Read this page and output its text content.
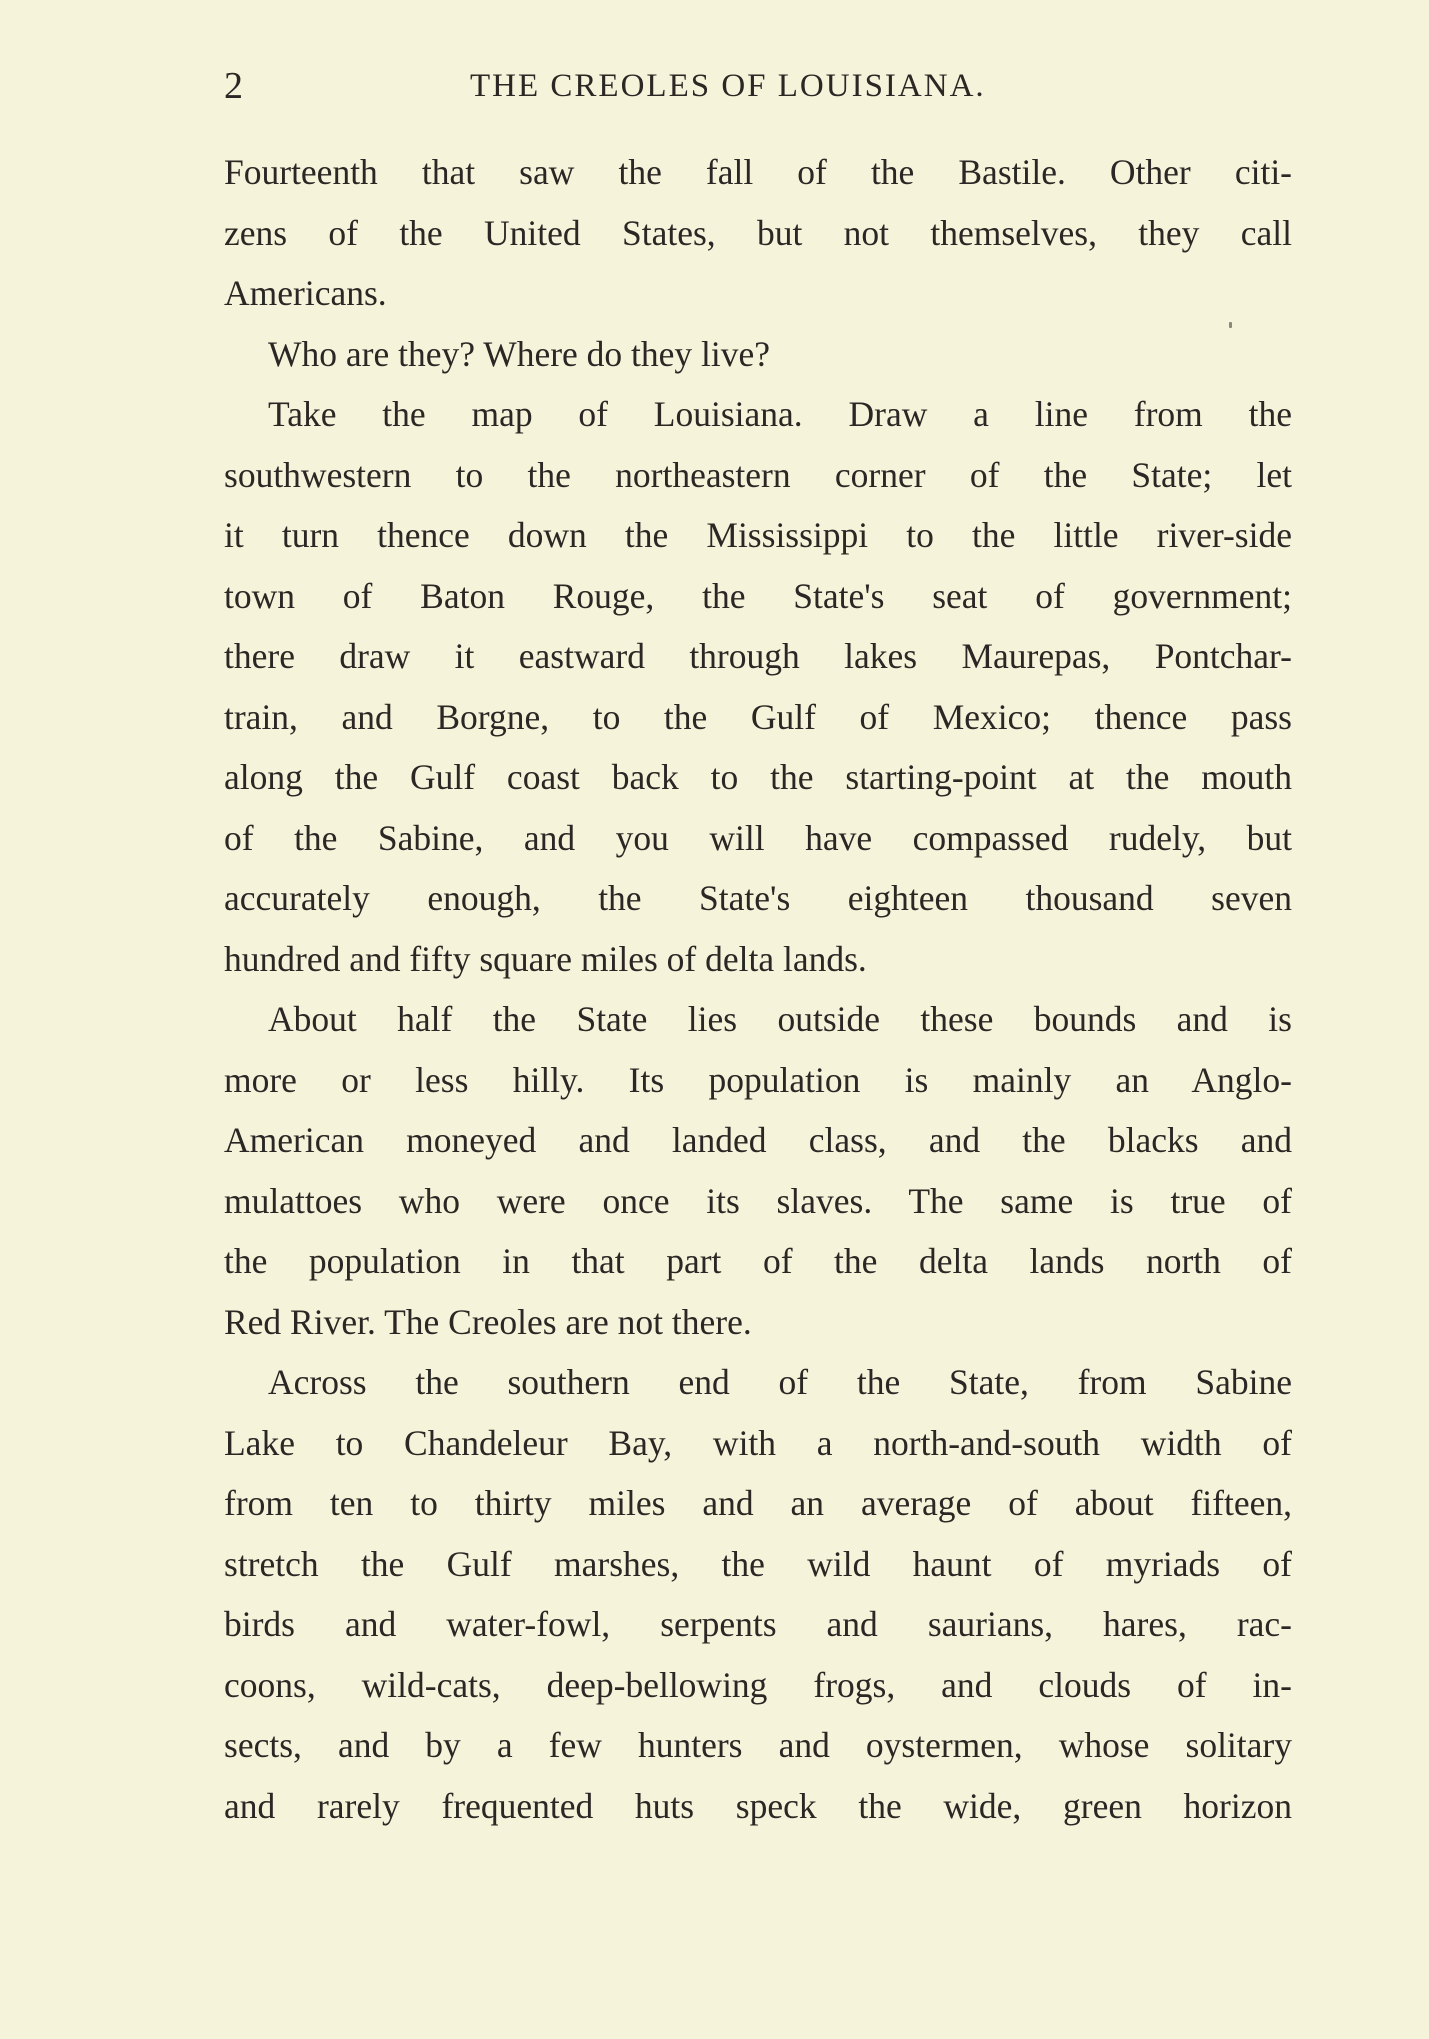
2	THE CREOLES OF LOUISIANA.
Fourteenth that saw the fall of the Bastile. Other citi-
zens of the United States, but not themselves, they call
Americans.
Who are they? Where do they live?
Take the map of Louisiana. Draw a line from the
southwestern to the northeastern corner of the State; let
it turn thence down the Mississippi to the little river-side
town of Baton Rouge, the State's seat of government;
there draw it eastward through lakes Maurepas, Pontchar-
train, and Borgne, to the Gulf of Mexico; thence pass
along the Gulf coast back to the starting-point at the mouth
of the Sabine, and you will have compassed rudely, but
accurately enough, the State's eighteen thousand seven
hundred and fifty square miles of delta lands.
About half the State lies outside these bounds and is
more or less hilly. Its population is mainly an Anglo-
American moneyed and landed class, and the blacks and
mulattoes who were once its slaves. The same is true of
the population in that part of the delta lands north of
Red River. The Creoles are not there.
Across the southern end of the State, from Sabine
Lake to Chandeleur Bay, with a north-and-south width of
from ten to thirty miles and an average of about fifteen,
stretch the Gulf marshes, the wild haunt of myriads of
birds and water-fowl, serpents and saurians, hares, rac-
coons, wild-cats, deep-bellowing frogs, and clouds of in-
sects, and by a few hunters and oystermen, whose solitary
and rarely frequented huts speck the wide, green horizon
